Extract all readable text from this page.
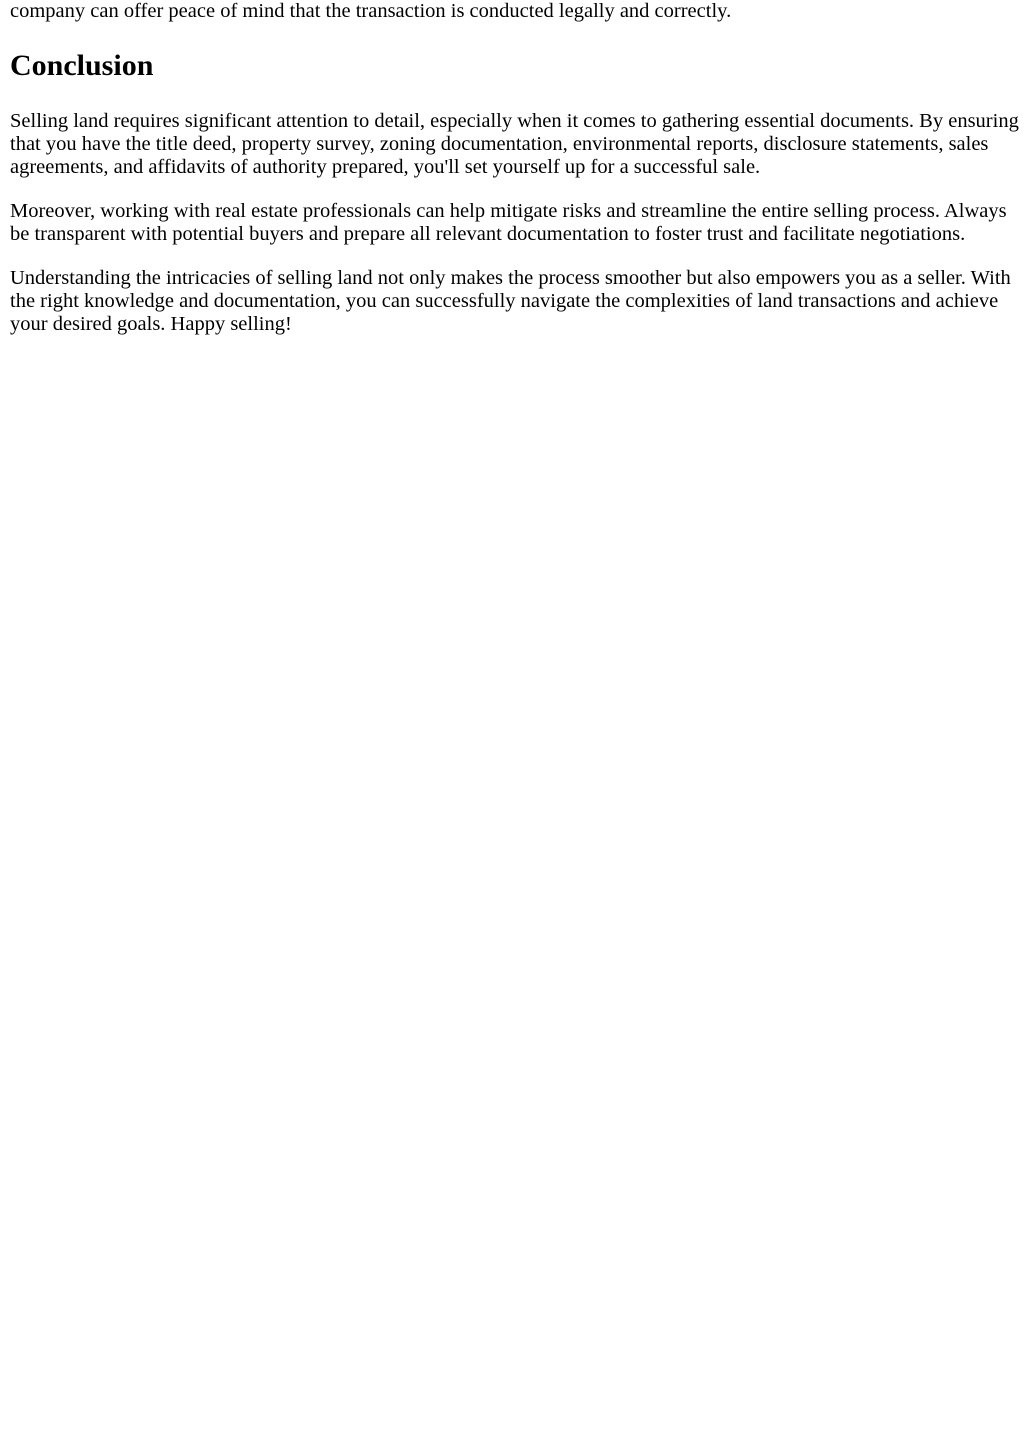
company can offer peace of mind that the transaction is conducted legally and correctly.

Conclusion

Selling land requires significant attention to detail, especially when it comes to gathering essential documents. By ensuring that you have the title deed, property survey, zoning documentation, environmental reports, disclosure statements, sales agreements, and affidavits of authority prepared, you'll set yourself up for a successful sale.

Moreover, working with real estate professionals can help mitigate risks and streamline the entire selling process. Always be transparent with potential buyers and prepare all relevant documentation to foster trust and facilitate negotiations.

Understanding the intricacies of selling land not only makes the process smoother but also empowers you as a seller. With the right knowledge and documentation, you can successfully navigate the complexities of land transactions and achieve your desired goals. Happy selling!
